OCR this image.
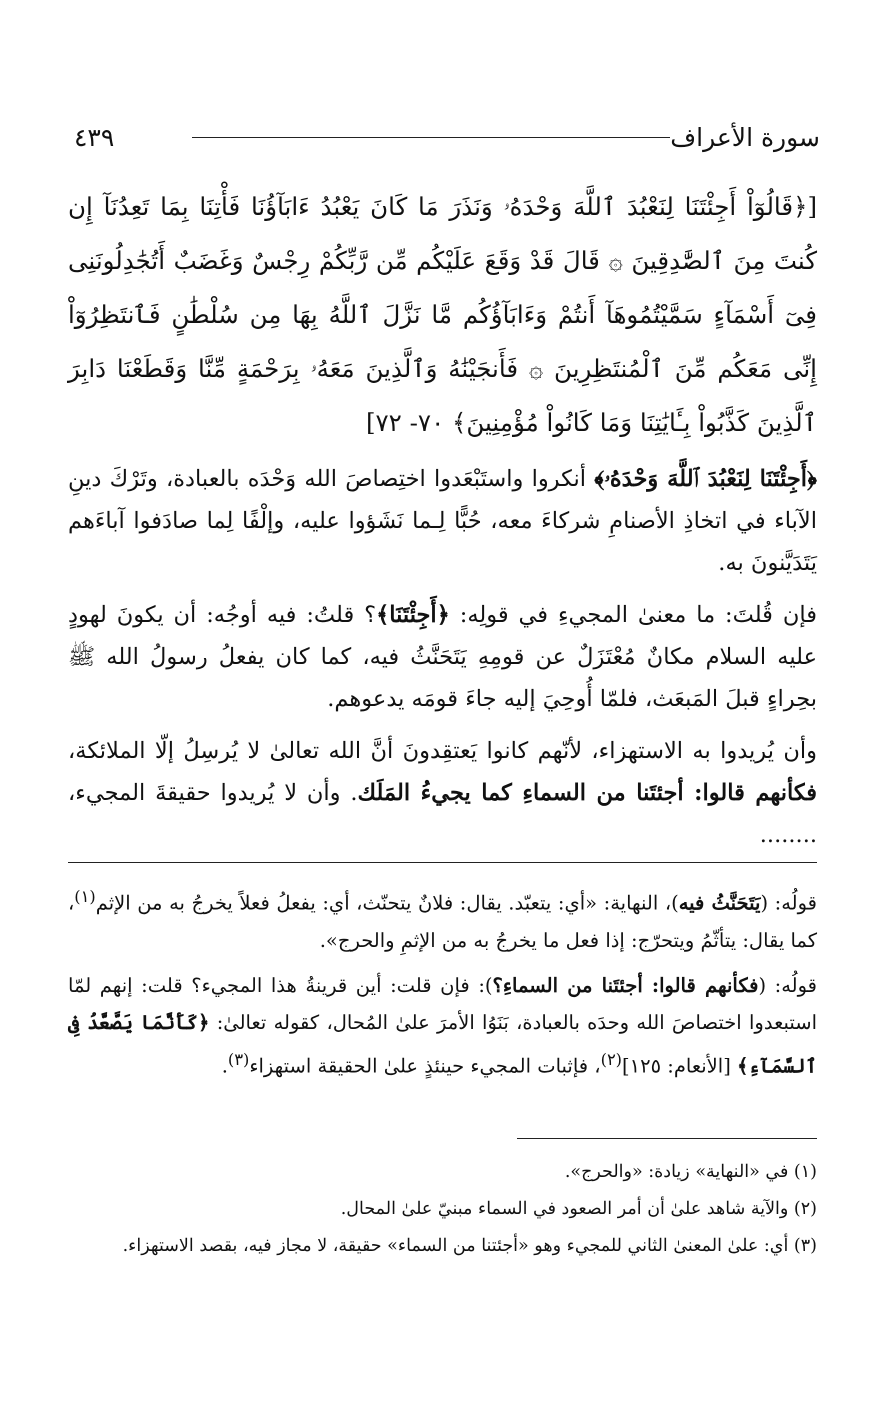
٤٣٩	سورة الأعراف

[﴿قَالُوٓاْ أَجِئْتَنَا لِنَعْبُدَ ٱللَّهَ وَحْدَهُۥ وَنَذَرَ مَا كَانَ يَعْبُدُ ءَابَآؤُنَا فَأْتِنَا بِمَا تَعِدُنَآ إِن كُنتَ مِنَ ٱلصَّٰدِقِينَ ۞ قَالَ قَدْ وَقَعَ عَلَيْكُم مِّن رَّبِّكُمْ رِجْسٌ وَغَضَبٌ أَتُجَٰدِلُونَنِى فِىٓ أَسْمَآءٍ سَمَّيْتُمُوهَآ أَنتُمْ وَءَابَآؤُكُم مَّا نَزَّلَ ٱللَّهُ بِهَا مِن سُلْطَٰنٍ فَٱنتَظِرُوٓاْ إِنِّى مَعَكُم مِّنَ ٱلْمُنتَظِرِينَ ۞ فَأَنجَيْنَٰهُ وَٱلَّذِينَ مَعَهُۥ بِرَحْمَةٍ مِّنَّا وَقَطَعْنَا دَابِرَ ٱلَّذِينَ كَذَّبُواْ بِـَٔايَٰتِنَا وَمَا كَانُواْ مُؤْمِنِينَ﴾ ٧٠- ٧٢]

﴿أَجِئْتَنَا لِنَعْبُدَ ٱللَّهَ وَحْدَهُۥ﴾ أنكروا واستَبْعَدوا اختِصاصَ الله وَحْدَه بالعبادة، وتَرْكَ دينِ الآباء في اتخاذِ الأصنامِ شركاءَ معه، حُبًّا لِـما نَشَؤوا عليه، وإلْفًا لِما صادَفوا آباءَهم يَتَدَيَّنونَ به.

فإن قُلتَ: ما معنىٰ المجيءِ في قولِه: ﴿أَجِئْتَنَا﴾؟ قلتُ: فيه أوجُه: أن يكونَ لهودٍ عليه السلام مكانٌ مُعْتَزَلٌ عن قومِهِ يَتَحَنَّثُ فيه، كما كان يفعلُ رسولُ الله ﷺ بحِراءٍ قبلَ المَبعَث، فلمّا أُوحِيَ إليه جاءَ قومَه يدعوهم.

وأن يُريدوا به الاستهزاء، لأنّهم كانوا يَعتقِدونَ أنَّ الله تعالىٰ لا يُرسِلُ إلّا الملائكة، فكأنهم قالوا: أجئتَنا من السماءِ كما يجيءُ المَلَك. وأن لا يُريدوا حقيقةَ المجيء، ........

قولُه: (يَتَحَنَّثُ فيه)، النهاية: «أي: يتعبّد. يقال: فلانٌ يتحنّث، أي: يفعلُ فعلاً يخرجُ به من الإثم$^{(١)}$، كما يقال: يتأثّمُ ويتحرّج: إذا فعل ما يخرجُ به من الإثمِ والحرج».

قولُه: (فكأنهم قالوا: أجئتَنا من السماءِ؟): فإن قلت: أين قرينةُ هذا المجيء؟ قلت: إنهم لمّا استبعدوا اختصاصَ الله وحدَه بالعبادة، بَنَوُا الأمرَ علىٰ المُحال، كقوله تعالىٰ: ﴿كَأَنَّمَا يَصَّعَّدُ فِى ٱلسَّمَآءِ﴾ [الأنعام: ١٢٥]$^{(٢)}$، فإثبات المجيء حينئذٍ علىٰ الحقيقة استهزاء$^{(٣)}$.

(١) في «النهاية» زيادة: «والحرج».

(٢) والآية شاهد علىٰ أن أمر الصعود في السماء مبنيّ علىٰ المحال.

(٣) أي: علىٰ المعنىٰ الثاني للمجيء وهو «أجئتنا من السماء» حقيقة، لا مجاز فيه، بقصد الاستهزاء.
